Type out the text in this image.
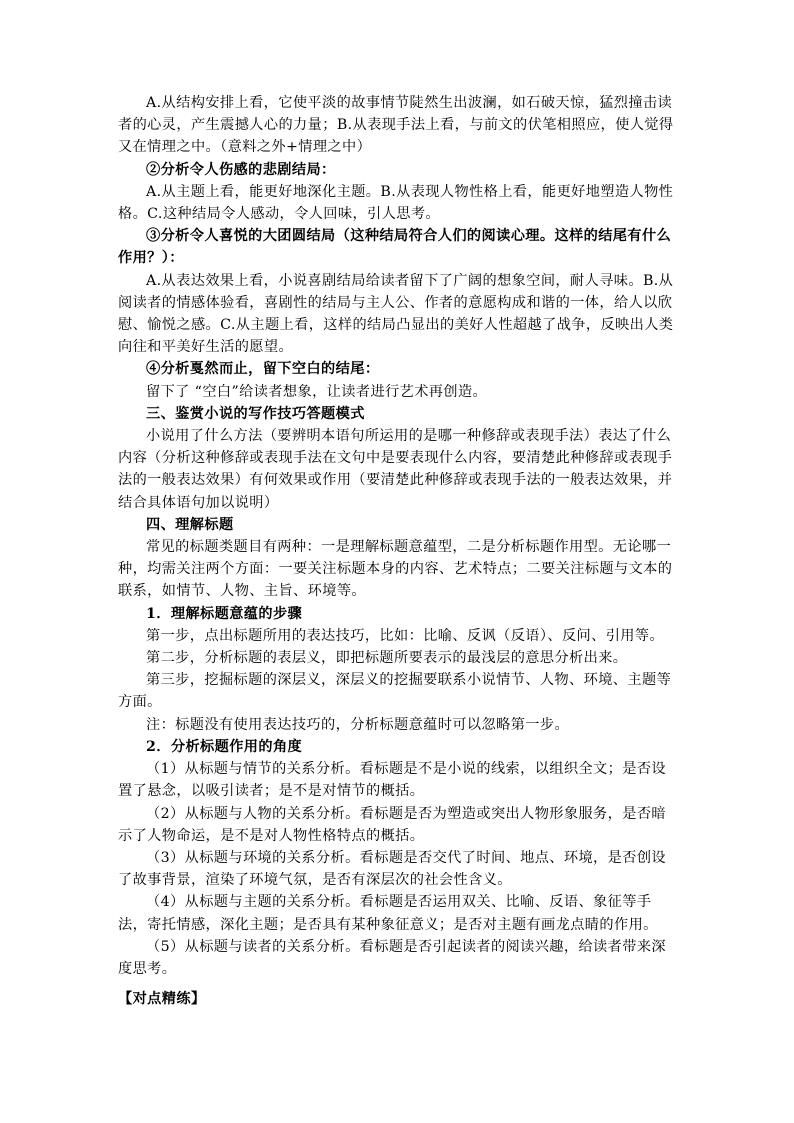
A.从结构安排上看，它使平淡的故事情节陡然生出波澜，如石破天惊，猛烈撞击读者的心灵，产生震撼人心的力量；B.从表现手法上看，与前文的伏笔相照应，使人觉得又在情理之中。（意料之外+情理之中）

②分析令人伤感的悲剧结局：

A.从主题上看，能更好地深化主题。B.从表现人物性格上看，能更好地塑造人物性格。C.这种结局令人感动，令人回味，引人思考。

③分析令人喜悦的大团圆结局（这种结局符合人们的阅读心理。这样的结尾有什么作用？）：

A.从表达效果上看，小说喜剧结局给读者留下了广阔的想象空间，耐人寻味。B.从阅读者的情感体验看，喜剧性的结局与主人公、作者的意愿构成和谐的一体，给人以欣慰、愉悦之感。C.从主题上看，这样的结局凸显出的美好人性超越了战争，反映出人类向往和平美好生活的愿望。

④分析戛然而止，留下空白的结尾：

留下了 “空白”给读者想象，让读者进行艺术再创造。

三、鉴赏小说的写作技巧答题模式

小说用了什么方法（要辨明本语句所运用的是哪一种修辞或表现手法）表达了什么内容（分析这种修辞或表现手法在文句中是要表现什么内容，要清楚此种修辞或表现手法的一般表达效果）有何效果或作用（要清楚此种修辞或表现手法的一般表达效果，并结合具体语句加以说明）

四、理解标题

常见的标题类题目有两种：一是理解标题意蕴型，二是分析标题作用型。无论哪一种，均需关注两个方面：一要关注标题本身的内容、艺术特点；二要关注标题与文本的联系，如情节、人物、主旨、环境等。

1．理解标题意蕴的步骤

第一步，点出标题所用的表达技巧，比如：比喻、反讽（反语）、反问、引用等。

第二步，分析标题的表层义，即把标题所要表示的最浅层的意思分析出来。

第三步，挖掘标题的深层义，深层义的挖掘要联系小说情节、人物、环境、主题等方面。

注：标题没有使用表达技巧的，分析标题意蕴时可以忽略第一步。

2．分析标题作用的角度

（1）从标题与情节的关系分析。看标题是不是小说的线索，以组织全文；是否设置了悬念，以吸引读者；是不是对情节的概括。

（2）从标题与人物的关系分析。看标题是否为塑造或突出人物形象服务，是否暗示了人物命运，是不是对人物性格特点的概括。

（3）从标题与环境的关系分析。看标题是否交代了时间、地点、环境，是否创设了故事背景，渲染了环境气氛，是否有深层次的社会性含义。

（4）从标题与主题的关系分析。看标题是否运用双关、比喻、反语、象征等手法，寄托情感，深化主题；是否具有某种象征意义；是否对主题有画龙点睛的作用。

（5）从标题与读者的关系分析。看标题是否引起读者的阅读兴趣，给读者带来深度思考。

【对点精练】
